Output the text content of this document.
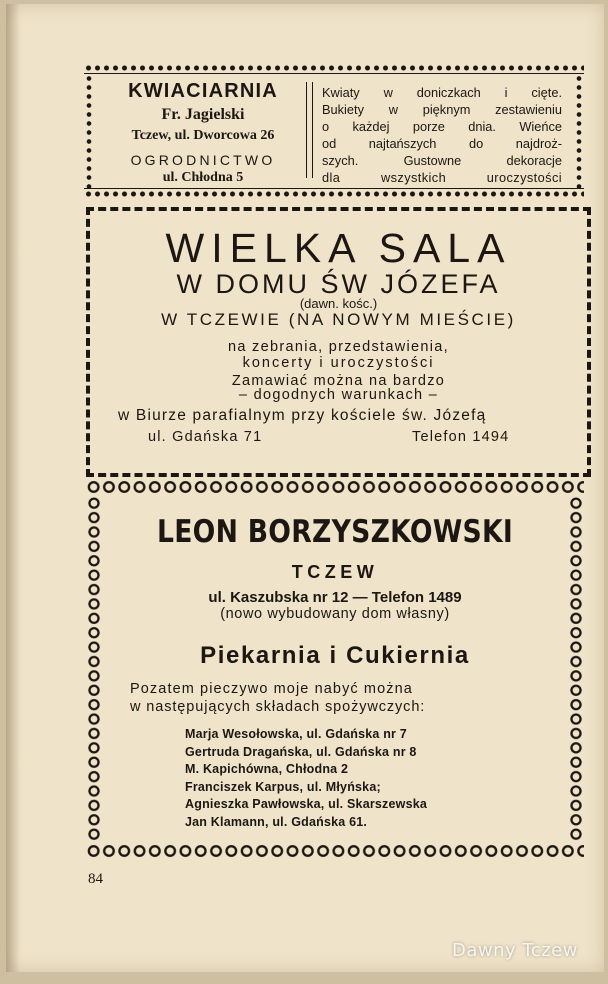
KWIACIARNIA
Fr. Jagielski
Tczew, ul. Dworcowa 26
OGRODNICTWO
ul. Chłodna 5
Kwiaty w doniczkach i cięte.
Bukiety w pięknym zestawieniu
o każdej porze dnia. Wieńce
od najtańszych do najdroż-
szych. Gustowne dekoracje
dla wszystkich uroczystości
WIELKA SALA
W DOMU ŚW JÓZEFA
(dawn. kośc.)
W TCZEWIE (NA NOWYM MIEŚCIE)
na zebrania, przedstawienia,
koncerty i uroczystości
Zamawiać można na bardzo
– dogodnych warunkach –
w Biurze parafialnym przy kościele św. Józefą
ul. Gdańska 71	Telefon 1494
LEON BORZYSZKOWSKI
TCZEW
ul. Kaszubska nr 12 — Telefon 1489
(nowo wybudowany dom własny)
Piekarnia i Cukiernia
Pozatem pieczywo moje nabyć można
w następujących składach spożywczych:
Marja Wesołowska, ul. Gdańska nr 7
Gertruda Dragańska, ul. Gdańska nr 8
M. Kapichówna, Chłodna 2
Franciszek Karpus, ul. Młyńska;
Agnieszka Pawłowska, ul. Skarszewska
Jan Klamann, ul. Gdańska 61.
84
Dawny Tczew
